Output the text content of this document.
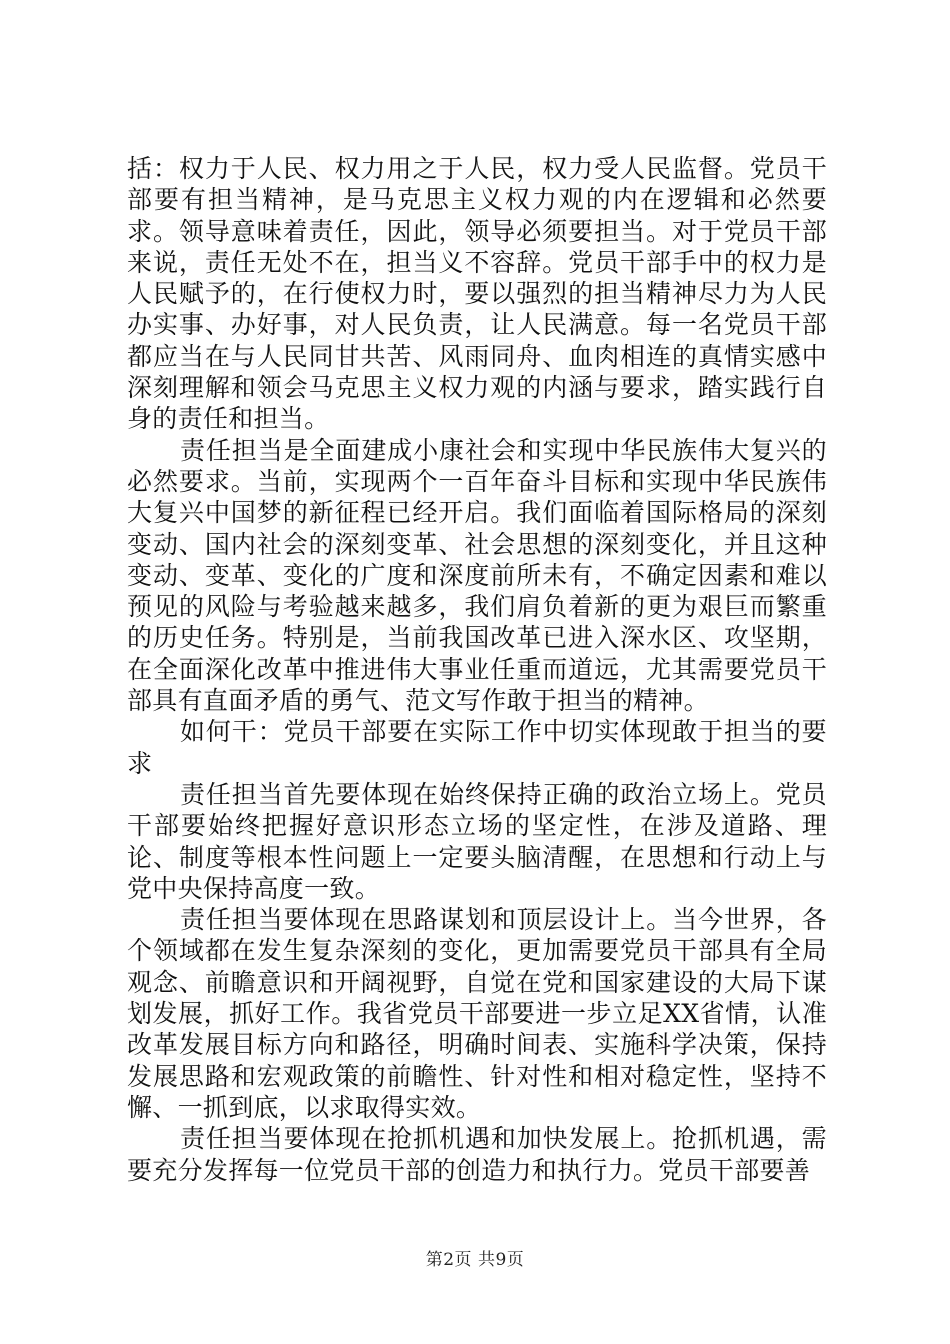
括：权力于人民、权力用之于人民，权力受人民监督。党员干部要有担当精神，是马克思主义权力观的内在逻辑和必然要求。领导意味着责任，因此，领导必须要担当。对于党员干部来说，责任无处不在，担当义不容辞。党员干部手中的权力是人民赋予的，在行使权力时，要以强烈的担当精神尽力为人民办实事、办好事，对人民负责，让人民满意。每一名党员干部都应当在与人民同甘共苦、风雨同舟、血肉相连的真情实感中深刻理解和领会马克思主义权力观的内涵与要求，踏实践行自身的责任和担当。

责任担当是全面建成小康社会和实现中华民族伟大复兴的必然要求。当前，实现两个一百年奋斗目标和实现中华民族伟大复兴中国梦的新征程已经开启。我们面临着国际格局的深刻变动、国内社会的深刻变革、社会思想的深刻变化，并且这种变动、变革、变化的广度和深度前所未有，不确定因素和难以预见的风险与考验越来越多，我们肩负着新的更为艰巨而繁重的历史任务。特别是，当前我国改革已进入深水区、攻坚期，在全面深化改革中推进伟大事业任重而道远，尤其需要党员干部具有直面矛盾的勇气、范文写作敢于担当的精神。

如何干：党员干部要在实际工作中切实体现敢于担当的要求

责任担当首先要体现在始终保持正确的政治立场上。党员干部要始终把握好意识形态立场的坚定性，在涉及道路、理论、制度等根本性问题上一定要头脑清醒，在思想和行动上与党中央保持高度一致。

责任担当要体现在思路谋划和顶层设计上。当今世界，各个领域都在发生复杂深刻的变化，更加需要党员干部具有全局观念、前瞻意识和开阔视野，自觉在党和国家建设的大局下谋划发展，抓好工作。我省党员干部要进一步立足XX省情，认准改革发展目标方向和路径，明确时间表、实施科学决策，保持发展思路和宏观政策的前瞻性、针对性和相对稳定性，坚持不懈、一抓到底，以求取得实效。

责任担当要体现在抢抓机遇和加快发展上。抢抓机遇，需要充分发挥每一位党员干部的创造力和执行力。党员干部要善

第2页 共9页
